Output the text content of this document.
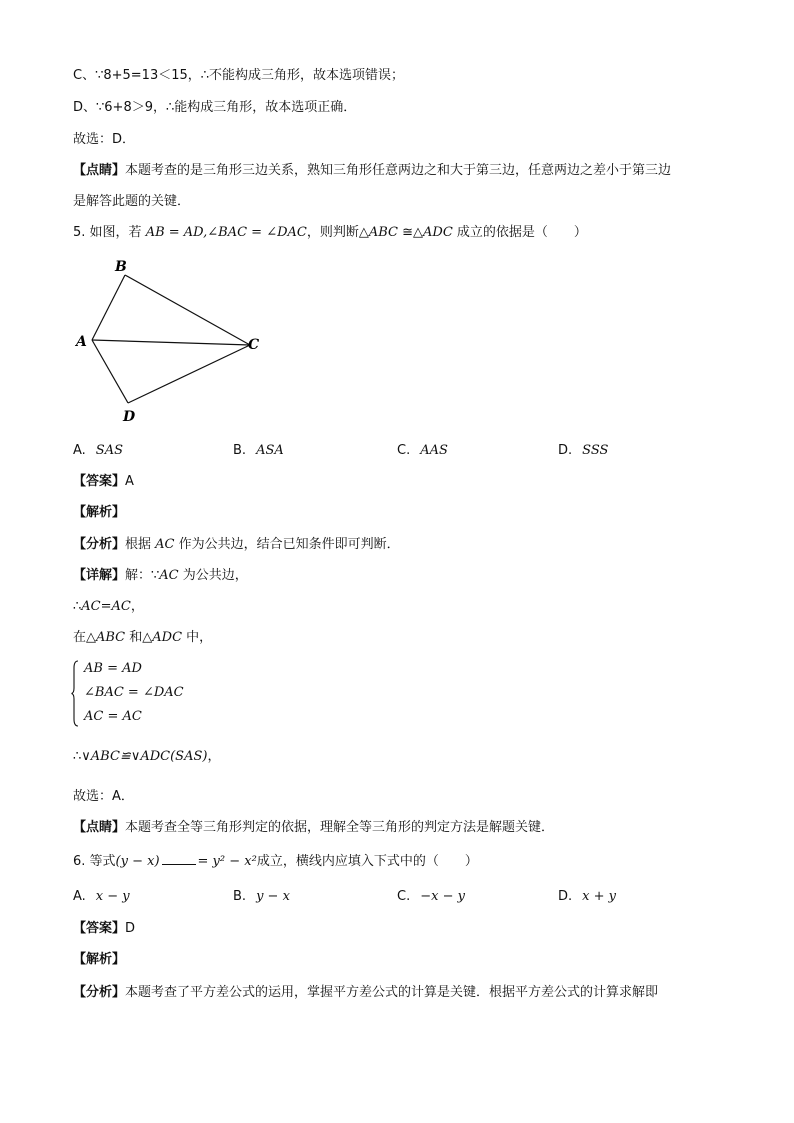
C、∵8+5=13＜15，∴不能构成三角形，故本选项错误；
D、∵6+8＞9，∴能构成三角形，故本选项正确．
故选：D．
【点睛】本题考查的是三角形三边关系，熟知三角形任意两边之和大于第三边，任意两边之差小于第三边
是解答此题的关键．
5. 如图，若 AB = AD,∠BAC = ∠DAC，则判断△ABC ≅△ADC 成立的依据是（　　）
B
A	C
D
A. SAS	B. ASA	C. AAS	D. SSS
【答案】A
【解析】
【分析】根据 AC 作为公共边，结合已知条件即可判断．
【详解】解：∵AC 为公共边，
∴AC=AC，
在△ABC 和△ADC 中，
AB = AD
∠BAC = ∠DAC
AC = AC
∴∨ABC≌∨ADC(SAS)，
故选：A．
【点睛】本题考查全等三角形判定的依据，理解全等三角形的判定方法是解题关键．
6. 等式(y − x)	= y² − x²成立，横线内应填入下式中的（　　）
A. x − y	B. y − x	C. −x − y	D. x + y
【答案】D
【解析】
【分析】本题考查了平方差公式的运用，掌握平方差公式的计算是关键．根据平方差公式的计算求解即
